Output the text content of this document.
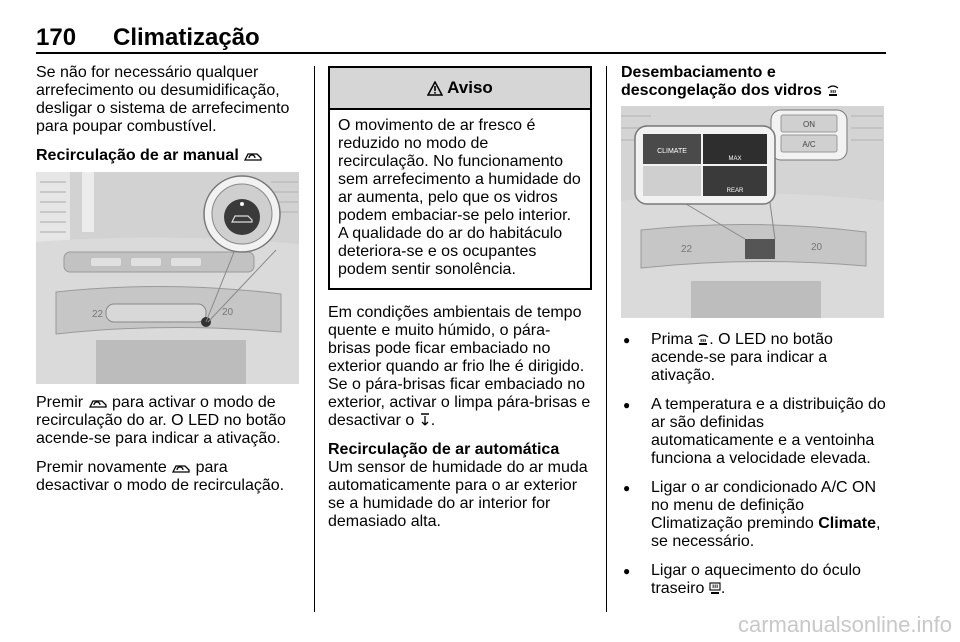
170 Climatização

Se não for necessário qualquer arrefecimento ou desumidificação, desligar o sistema de arrefecimento para poupar combustível.

Recirculação de ar manual
22	20

Premir para activar o modo de recirculação do ar. O LED no botão acende-se para indicar a ativação.

Premir novamente para desactivar o modo de recirculação.

Aviso
O movimento de ar fresco é reduzido no modo de recirculação. No funcionamento sem arrefecimento a humidade do ar aumenta, pelo que os vidros podem embaciar-se pelo interior. A qualidade do ar do habitáculo deteriora-se e os ocupantes podem sentir sonolência.

Em condições ambientais de tempo quente e muito húmido, o pára-brisas pode ficar embaciado no exterior quando ar frio lhe é dirigido. Se o pára-brisas ficar embaciado no exterior, activar o limpa pára-brisas e desactivar o .

Recirculação de ar automática

Um sensor de humidade do ar muda automaticamente para o ar exterior se a humidade do ar interior for demasiado alta.

Desembaciamento e descongelação dos vidros
22	20
ON
A/C
CLIMATE
MAX
REAR
● Prima . O LED no botão acende-se para indicar a ativação.
● A temperatura e a distribuição do ar são definidas automaticamente e a ventoinha funciona a velocidade elevada.
● Ligar o ar condicionado A/C ON no menu de definição Climatização premindo Climate, se necessário.
● Ligar o aquecimento do óculo traseiro .
carmanualsonline.info
